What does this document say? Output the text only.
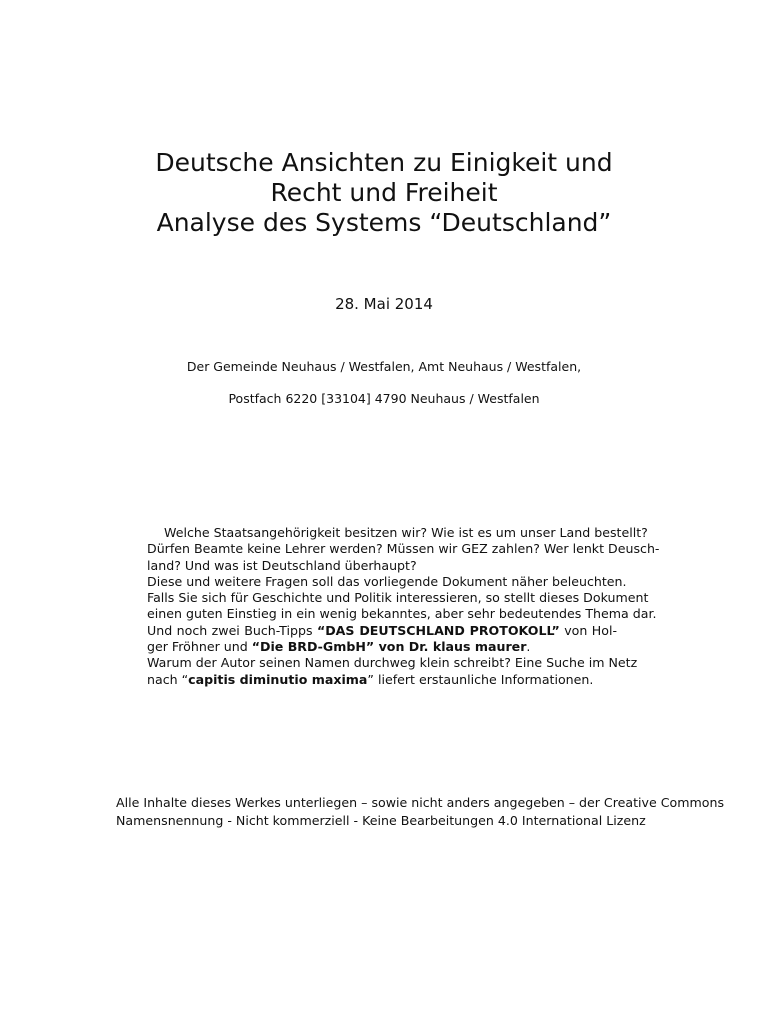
Deutsche Ansichten zu Einigkeit und
Recht und Freiheit
Analyse des Systems “Deutschland”
28. Mai 2014
Der Gemeinde Neuhaus / Westfalen, Amt Neuhaus / Westfalen,
Postfach 6220 [33104] 4790 Neuhaus / Westfalen
Welche Staatsangehörigkeit besitzen wir? Wie ist es um unser Land bestellt?
Dürfen Beamte keine Lehrer werden? Müssen wir GEZ zahlen? Wer lenkt Deusch-
land? Und was ist Deutschland überhaupt?
Diese und weitere Fragen soll das vorliegende Dokument näher beleuchten.
Falls Sie sich für Geschichte und Politik interessieren, so stellt dieses Dokument
einen guten Einstieg in ein wenig bekanntes, aber sehr bedeutendes Thema dar.
Und noch zwei Buch-Tipps “DAS DEUTSCHLAND PROTOKOLL” von Hol-
ger Fröhner und “Die BRD-GmbH” von Dr. klaus maurer.
Warum der Autor seinen Namen durchweg klein schreibt? Eine Suche im Netz
nach “capitis diminutio maxima” liefert erstaunliche Informationen.
Alle Inhalte dieses Werkes unterliegen – sowie nicht anders angegeben – der Creative Commons
Namensnennung - Nicht kommerziell - Keine Bearbeitungen 4.0 International Lizenz
